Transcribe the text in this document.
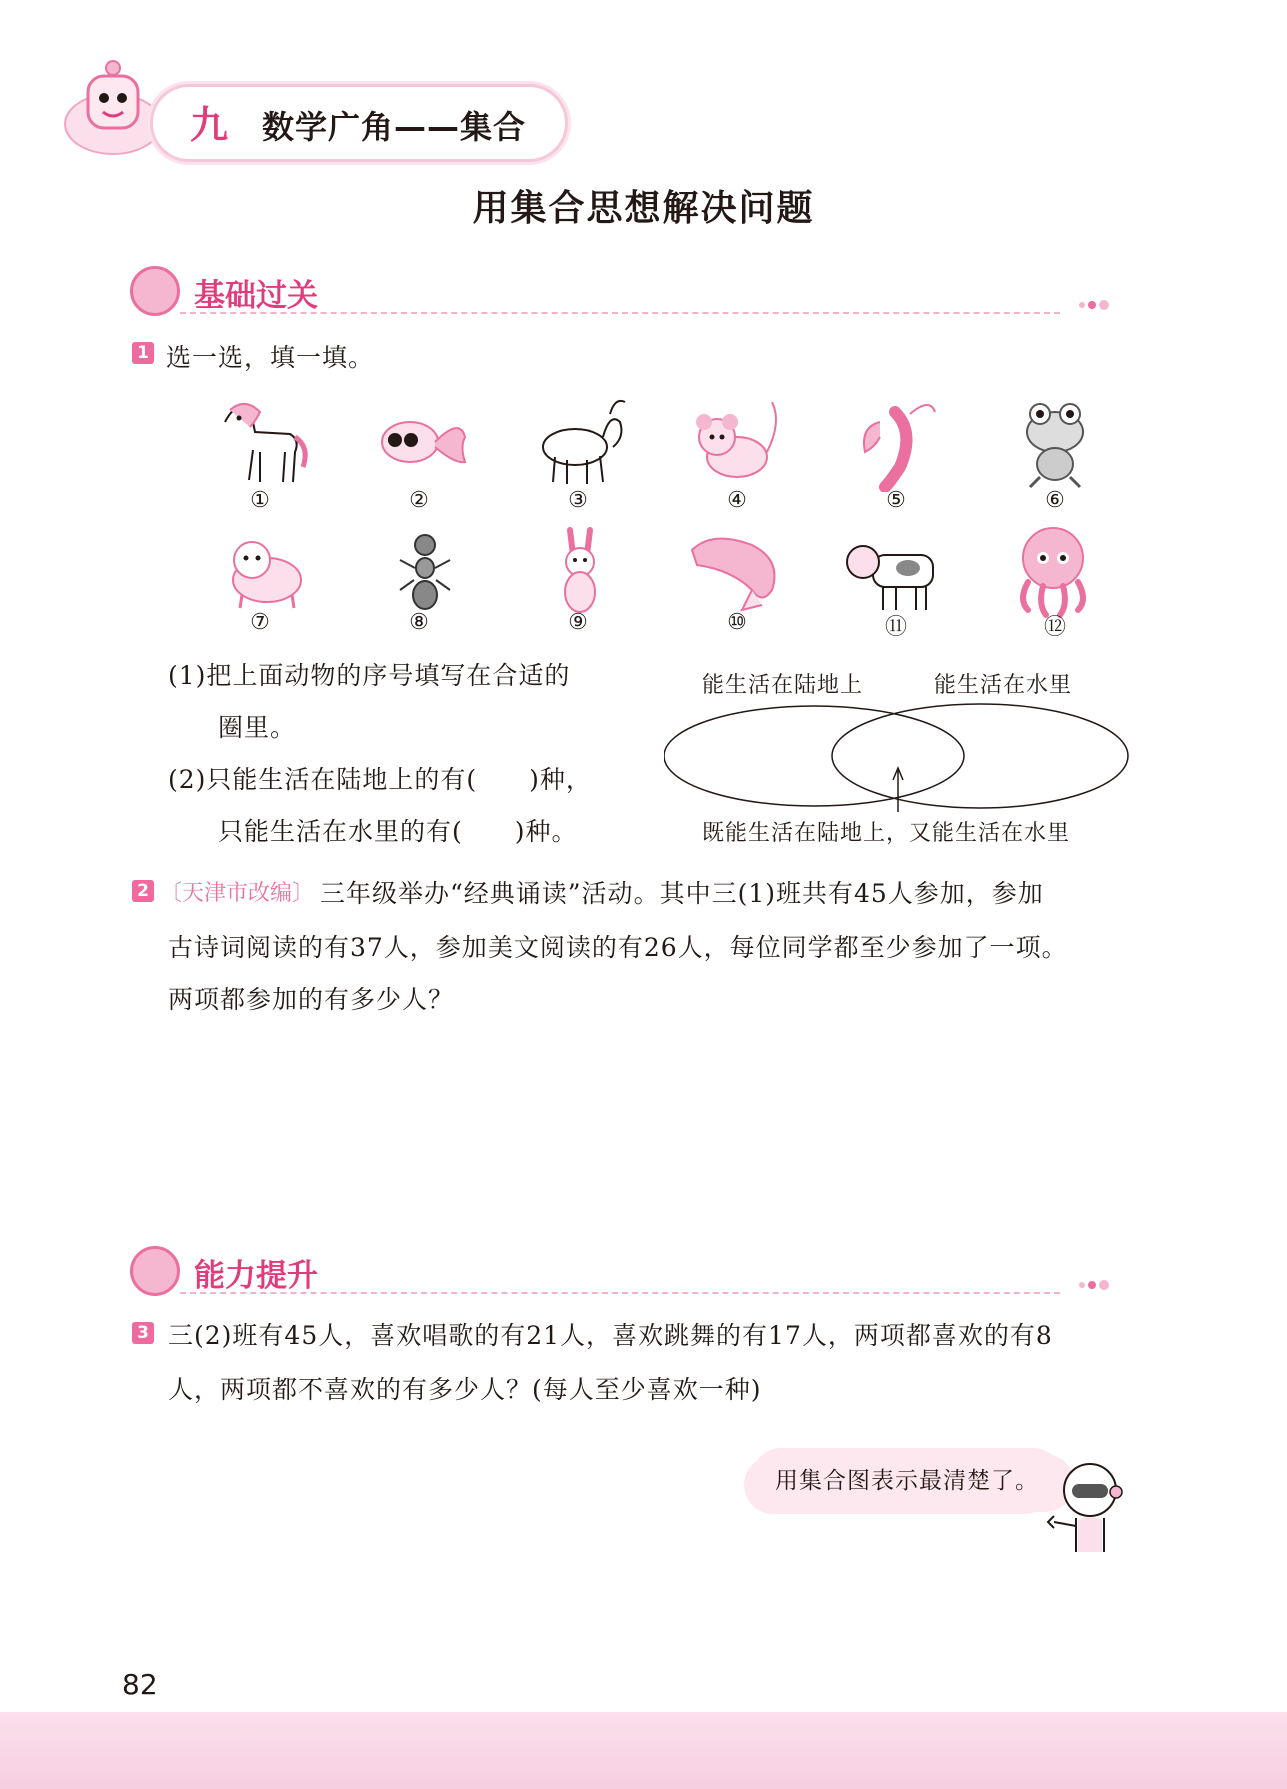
九 数学广角——集合
用集合思想解决问题
基础过关
1 选一选，填一填。
①	②	③	④	⑤	⑥
⑦	⑧	⑨	⑩	⑪	⑫
(1)把上面动物的序号填写在合适的
圈里。
(2)只能生活在陆地上的有(　　)种，
只能生活在水里的有(　　)种。
能生活在陆地上	能生活在水里
既能生活在陆地上，又能生活在水里
2 〔天津市改编〕 三年级举办“经典诵读”活动。其中三(1)班共有45人参加，参加
古诗词阅读的有37人，参加美文阅读的有26人，每位同学都至少参加了一项。
两项都参加的有多少人？
能力提升
3 三(2)班有45人，喜欢唱歌的有21人，喜欢跳舞的有17人，两项都喜欢的有8
人，两项都不喜欢的有多少人？(每人至少喜欢一种)
用集合图表示最清楚了。
82
